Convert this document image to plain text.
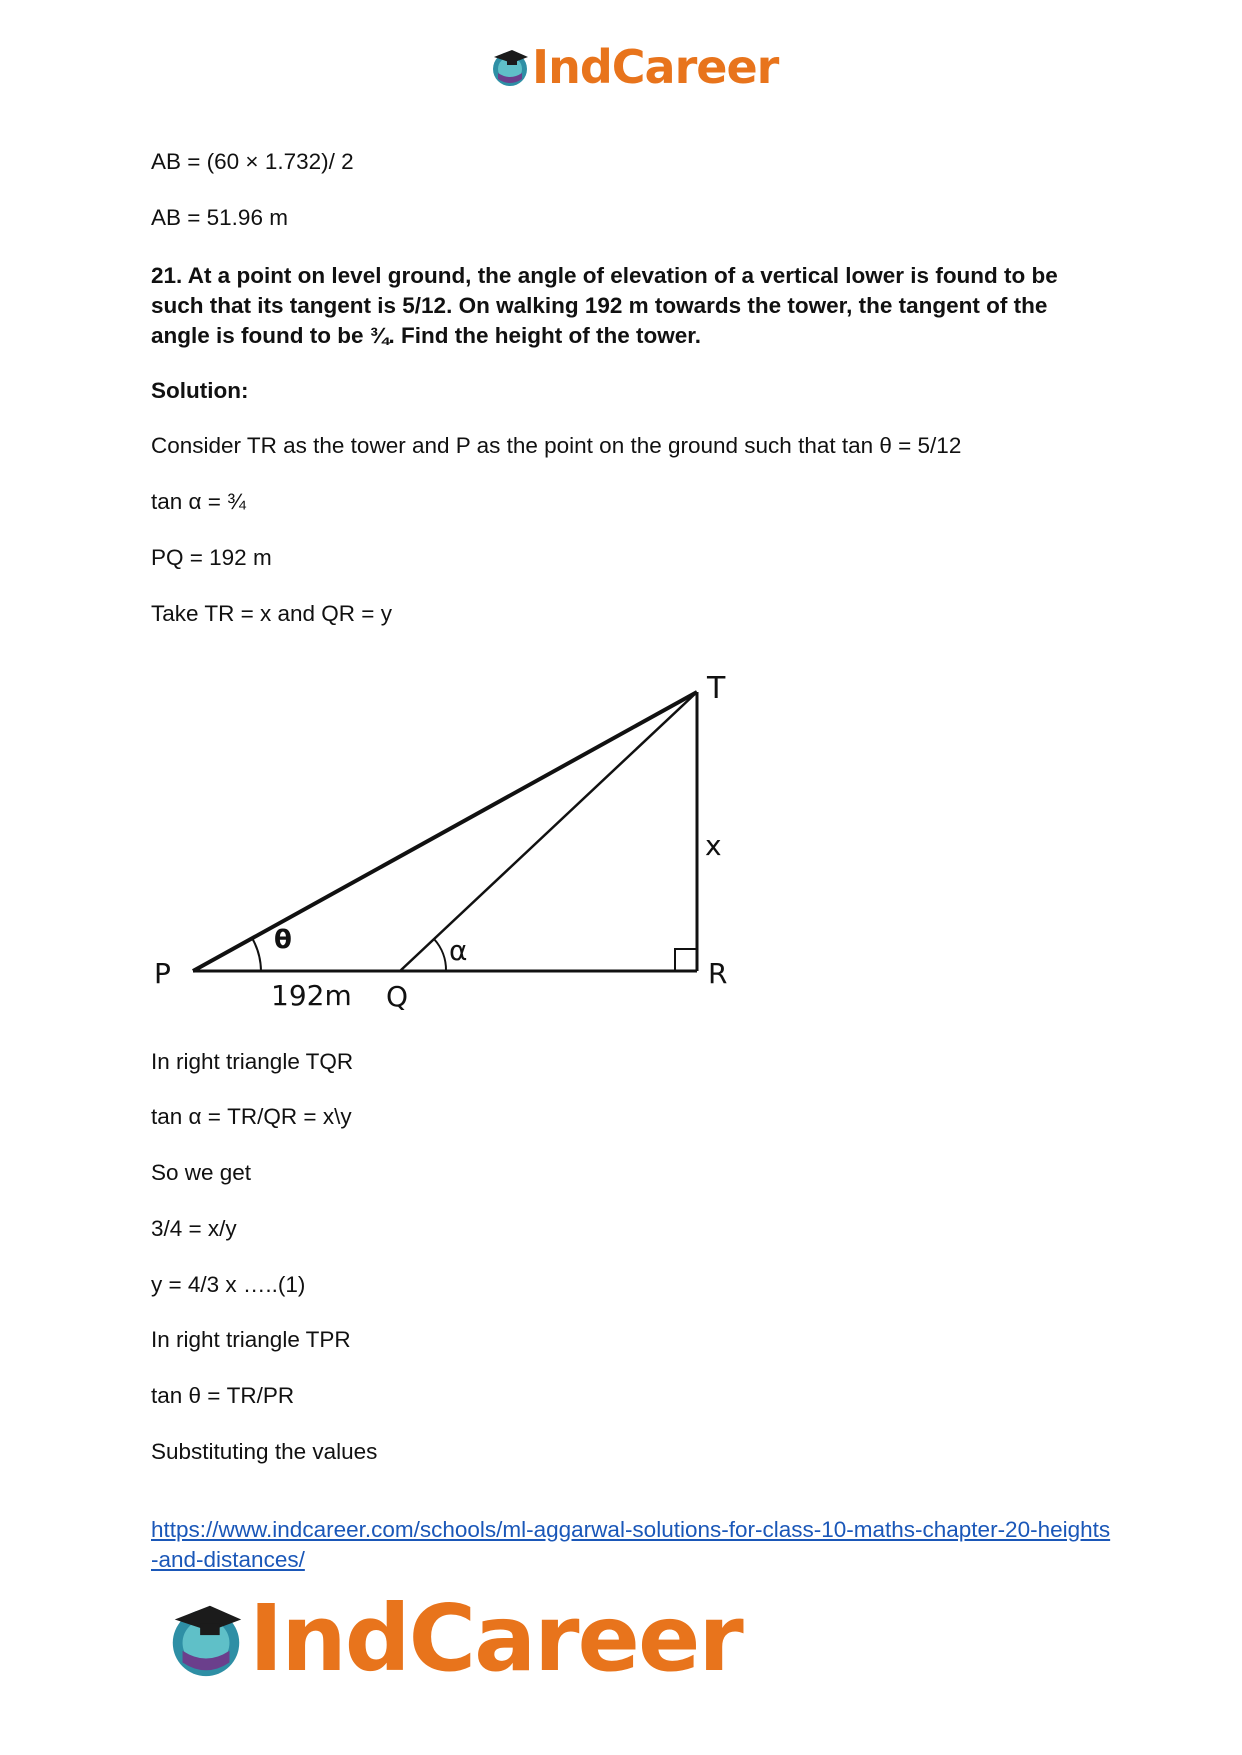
IndCareer
AB = (60 × 1.732)/ 2
AB = 51.96 m
21. At a point on level ground, the angle of elevation of a vertical lower is found to be such that its tangent is 5/12. On walking 192 m towards the tower, the tangent of the angle is found to be ¾. Find the height of the tower.
Solution:
Consider TR as the tower and P as the point on the ground such that tan θ = 5/12
tan α = ¾
PQ = 192 m
Take TR = x and QR = y
In right triangle TQR
tan α = TR/QR = x\y
So we get
3/4 = x/y
y = 4/3 x …..(1)
In right triangle TPR
tan θ = TR/PR
Substituting the values
T
P
Q
R
x
θ	α
192m
https://www.indcareer.com/schools/ml-aggarwal-solutions-for-class-10-maths-chapter-20-heights-and-distances/
IndCareer
